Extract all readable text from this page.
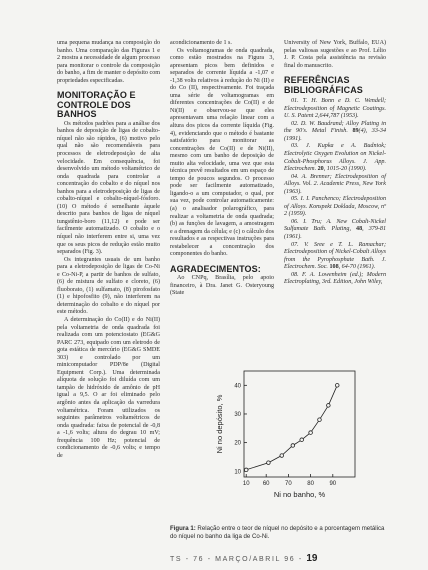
uma pequena mudança na composição do banho. Uma comparação das Figuras 1 e 2 mostra a necessidade de algum processo para monitorar o controle da composição do banho, a fim de manter o depósito com propriedades especificadas.

MONITORAÇÃO E CONTROLE DOS BANHOS

Os métodos padrões para a análise dos banhos de deposição de ligas de cobalto-níquel não são rápidos, (6) motivo pelo qual não são recomendáveis para processos de eletrodeposição de alta velocidade. Em consequência, foi desenvolvido um método voltamétrico de onda quadrada para controlar a concentração do cobalto e do níquel nos banhos para a eletrodeposição de ligas de cobalto-níquel e cobalto-níquel-fósforo. (10) O método é semelhante àquele descrito para banhos de ligas de níquel tungstênio-boro (11,12) e pode ser facilmente automatizado. O cobalto e o níquel não interferem entre si, uma vez que os seus picos de redução estão muito separados (Fig. 3).

Os integrantes usuais de um banho para a eletrodeposição de ligas de Co-Ni e Co-Ni-P, a partir de banhos de sulfato, (6) de mistura de sulfato e cloreto, (6) fluoborato, (1) sulfamato, (8) pirofosfato (1) e hipofosfito (9), não interferem na determinação do cobalto e do níquel por este método.

A determinação do Co(II) e do Ni(II) pela voltametria de onda quadrada foi realizada com um potenciostato (EG&G PARC 273, equipado com um eletrodo de gota estática de mercúrio (EG&G SMDE 303) e controlado por um minicomputador PDP/8e (Digital Equipment Corp.). Uma determinada alíquota de solução foi diluída com um tampão de hidróxido de amônio de pH igual a 9,5. O ar foi eliminado pelo argônio antes da aplicação da varredura voltamétrica. Foram utilizados os seguintes parâmetros voltamétricos de onda quadrada: faixa de potencial de -0,8 a -1,6 volts; altura do degrau 10 mV; frequência 100 Hz; potencial de condicionamento de -0,6 volts; e tempo de

acondicionamento de 1 s.

Os voltamogramas de onda quadrada, como estão mostrados na Figura 3, apresentam picos bem definidos e separados de corrente líquida a -1,07 e -1,38 volts relativos à redução do Ni (II) e do Co (II), respectivamente. Foi traçada uma série de voltamogramas em diferentes concentrações de Co(II) e de Ni(II) e observou-se que eles apresentavam uma relação linear com a altura dos picos da corrente líquida (Fig. 4), evidenciando que o método é bastante satisfatório para monitorar as concentrações de Co(II) e de Ni(II), mesmo com um banho de deposição de muito alta velocidade, uma vez que esta técnica prevê resultados em um espaço de tempo de poucos segundos. O processo pode ser facilmente automatizado, ligando-o a um computador, o qual, por sua vez, pode controlar automaticamente: (a) o analisador polarográfico, para realizar a voltametria de onda quadrada; (b) as funções de lavagem, a amostragem e a drenagem da célula; e (c) o cálculo dos resultados e as respectivas instruções para restabelecer a concentração dos componentes do banho.

AGRADECIMENTOS:

Ao CNPq, Brasília, pelo apoio financeiro, à Dra. Janet G. Osteryoung (State

University of New York, Buffalo, EUA) pelas valiosas sugestões e ao Prof. Lélio J. P. Costa pela assistência na revisão final do manuscrito.

REFERÊNCIAS BIBLIOGRÁFICAS

01. T. H. Bonn e D. C. Wendell; Electrodeposition of Magnetic Coatings. U. S. Patent 2,644,787 (1953).

02. D. W. Baudrand; Alloy Plating in the 90's. Metal Finish. 89(4), 33-34 (1991).

03. J. Kupka e A. Budniok; Electrolytic Oxygen Evolution on Nickel-Cobalt-Phosphorus Alloys. J. App. Electrochem. 20, 1015-20 (1990).

04. A. Brenner; Electrodeposition of Alloys. Vol. 2. Academic Press, New York (1963).

05. I. I. Panchenco; Electrodeposition of Alloys. Konspekt Doklada, Moscow, nº 2 (1959).

06. I. Tru; A. New Cobalt-Nickel Sulfamate Bath. Plating, 48, 379-81 (1961).

07. V. Sree e T. L. Ramachar; Electrodeposition of Nickel-Cobalt Alloys from the Pyrophosphate Bath. J. Electrochem. Soc. 108, 64-70 (1961).

08. F. A. Lowenheim (ed.); Modern Electroplating, 3rd. Edition, John Wiley,

10 60	70	80	90
10
20
30
40
Ni no banho, %
Ni no depósito, %
Figura 1: Relação entre o teor de níquel no depósito e a porcentagem metálica do níquel no banho da liga de Co-Ni.
TS - 76 - MARÇO/ABRIL 96 - 19
